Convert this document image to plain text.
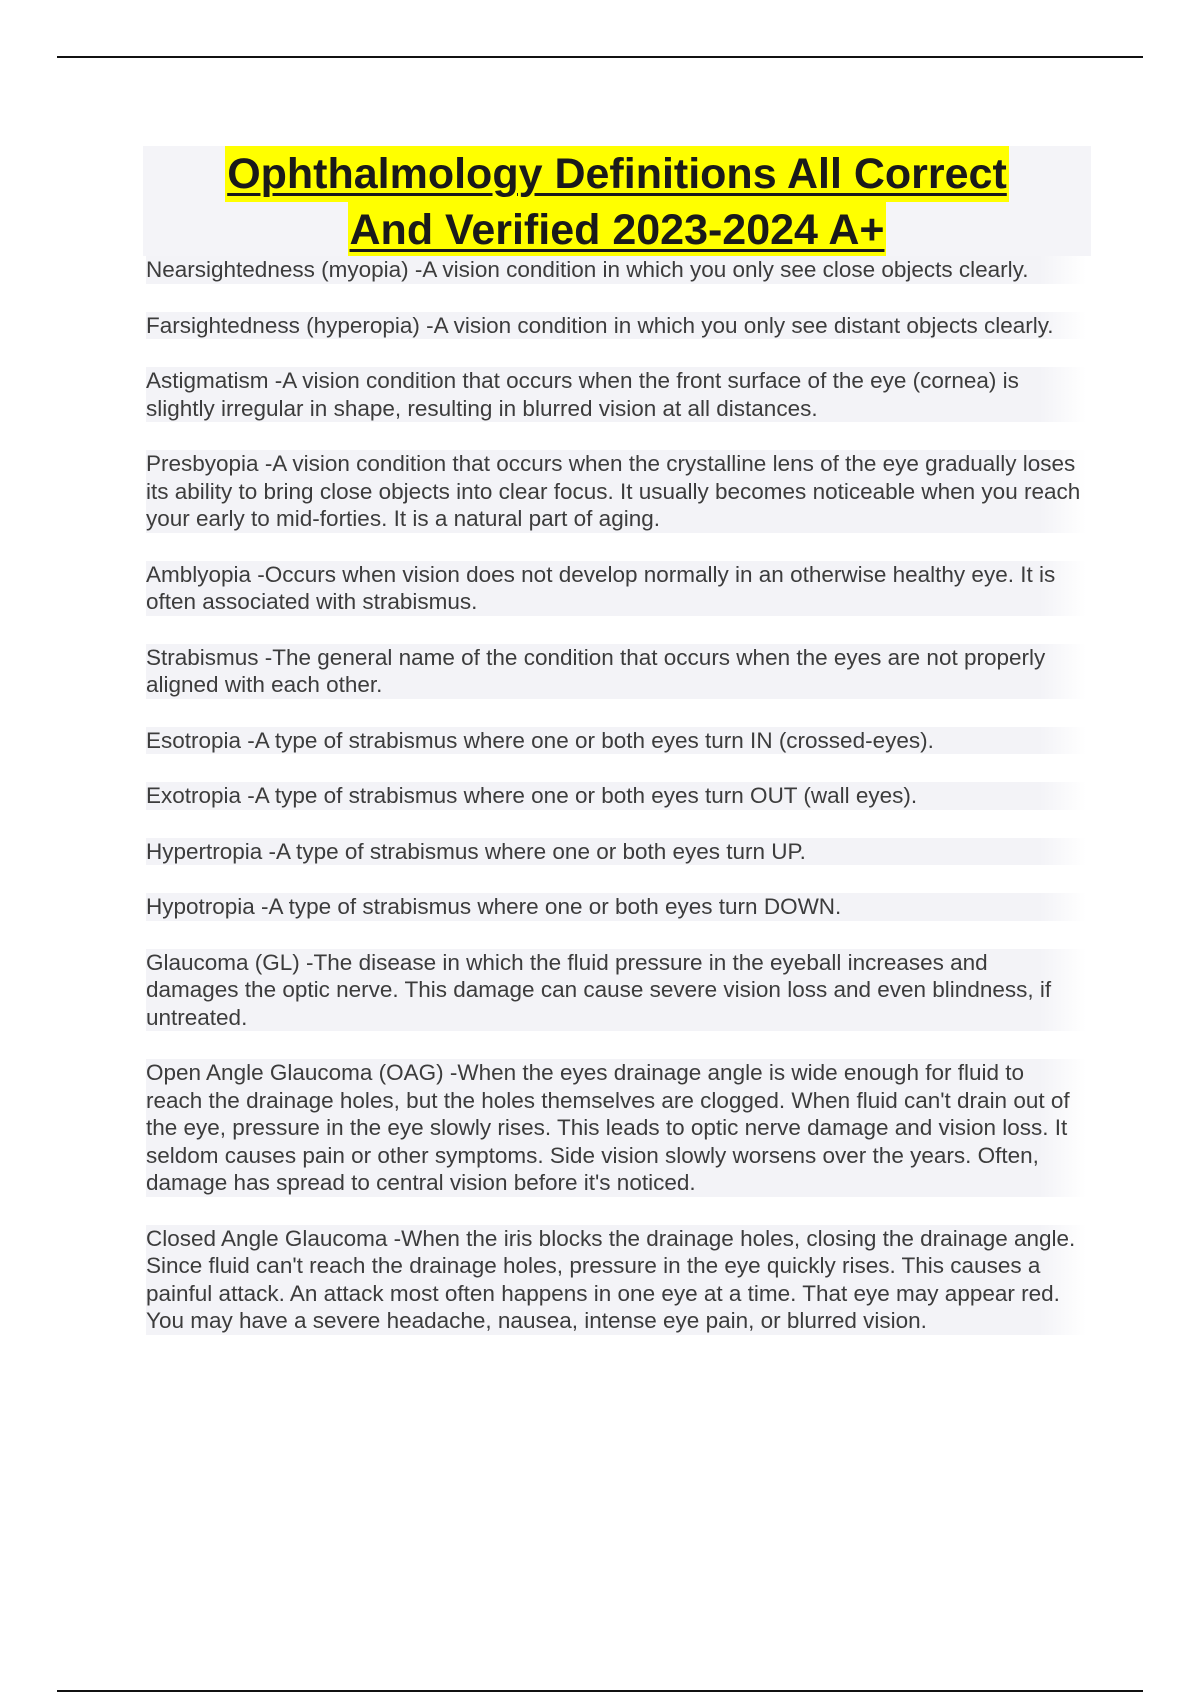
Ophthalmology Definitions All Correct
And Verified 2023-2024 A+

Nearsightedness (myopia) -A vision condition in which you only see close objects clearly.

Farsightedness (hyperopia) -A vision condition in which you only see distant objects clearly.

Astigmatism -A vision condition that occurs when the front surface of the eye (cornea) is slightly irregular in shape, resulting in blurred vision at all distances.

Presbyopia -A vision condition that occurs when the crystalline lens of the eye gradually loses its ability to bring close objects into clear focus. It usually becomes noticeable when you reach your early to mid-forties. It is a natural part of aging.

Amblyopia -Occurs when vision does not develop normally in an otherwise healthy eye. It is often associated with strabismus.

Strabismus -The general name of the condition that occurs when the eyes are not properly aligned with each other.

Esotropia -A type of strabismus where one or both eyes turn IN (crossed-eyes).

Exotropia -A type of strabismus where one or both eyes turn OUT (wall eyes).

Hypertropia -A type of strabismus where one or both eyes turn UP.

Hypotropia -A type of strabismus where one or both eyes turn DOWN.

Glaucoma (GL) -The disease in which the fluid pressure in the eyeball increases and damages the optic nerve. This damage can cause severe vision loss and even blindness, if untreated.

Open Angle Glaucoma (OAG) -When the eyes drainage angle is wide enough for fluid to reach the drainage holes, but the holes themselves are clogged. When fluid can't drain out of the eye, pressure in the eye slowly rises. This leads to optic nerve damage and vision loss. It seldom causes pain or other symptoms. Side vision slowly worsens over the years. Often, damage has spread to central vision before it's noticed.

Closed Angle Glaucoma -When the iris blocks the drainage holes, closing the drainage angle. Since fluid can't reach the drainage holes, pressure in the eye quickly rises. This causes a painful attack. An attack most often happens in one eye at a time. That eye may appear red. You may have a severe headache, nausea, intense eye pain, or blurred vision.
